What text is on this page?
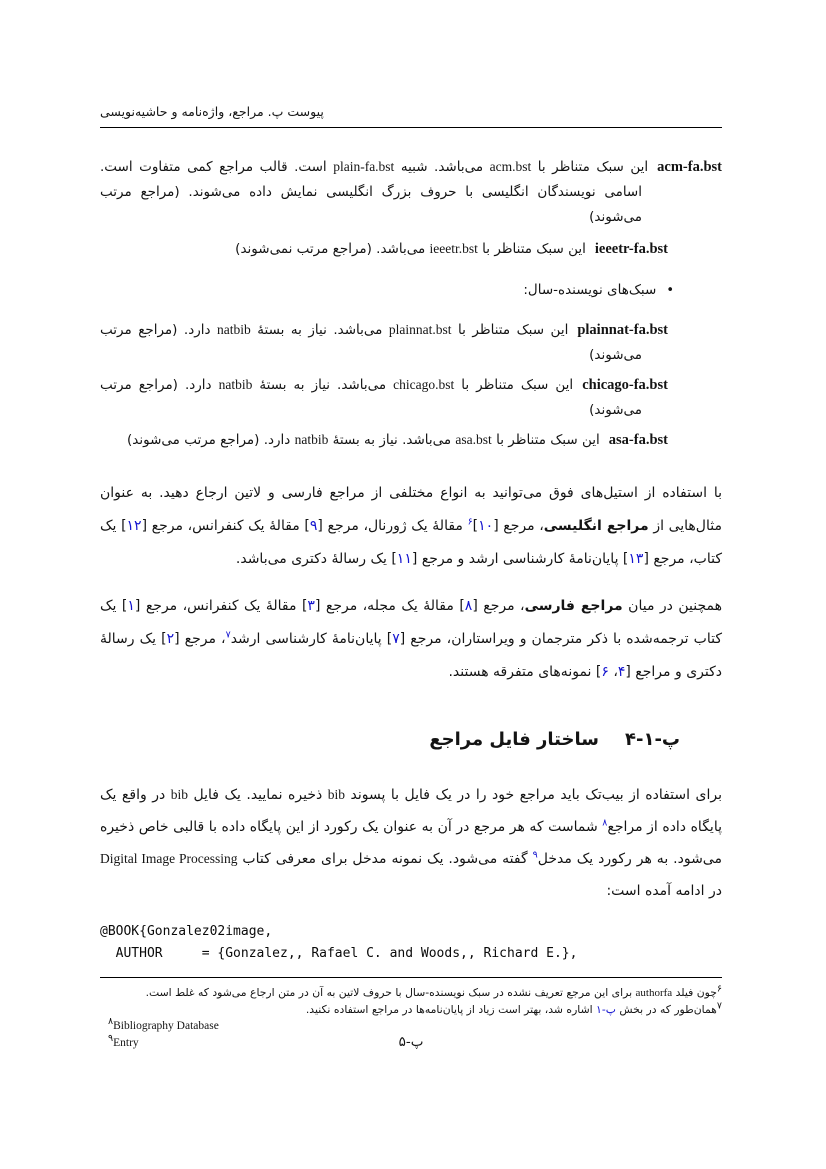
پیوست پ. مراجع، واژه‌نامه و حاشیه‌نویسی
acm-fa.bstاین سبک متناظر با acm.bst می‌باشد. شبیه plain-fa.bst است. قالب مراجع کمی متفاوت است. اسامی نویسندگان انگلیسی با حروف بزرگ انگلیسی نمایش داده می‌شوند. (مراجع مرتب می‌شوند)
ieeetr-fa.bstاین سبک متناظر با ieeetr.bst می‌باشد. (مراجع مرتب نمی‌شوند)
•سبک‌های نویسنده-سال:
plainnat-fa.bstاین سبک متناظر با plainnat.bst می‌باشد. نیاز به بستهٔ natbib دارد. (مراجع مرتب می‌شوند)
chicago-fa.bstاین سبک متناظر با chicago.bst می‌باشد. نیاز به بستهٔ natbib دارد. (مراجع مرتب می‌شوند)
asa-fa.bstاین سبک متناظر با asa.bst می‌باشد. نیاز به بستهٔ natbib دارد. (مراجع مرتب می‌شوند)

با استفاده از استیل‌های فوق می‌توانید به انواع مختلفی از مراجع فارسی و لاتین ارجاع دهید. به عنوان مثال‌هایی از مراجع انگلیسی، مرجع [۱۰]$^۶$ مقالهٔ یک ژورنال، مرجع [۹] مقالهٔ یک کنفرانس، مرجع [۱۲] یک کتاب، مرجع [۱۳] پایان‌نامهٔ کارشناسی ارشد و مرجع [۱۱] یک رسالهٔ دکتری می‌باشد.

همچنین در میان مراجع فارسی، مرجع [۸] مقالهٔ یک مجله، مرجع [۳] مقالهٔ یک کنفرانس، مرجع [۱] یک کتاب ترجمه‌شده با ذکر مترجمان و ویراستاران، مرجع [۷] پایان‌نامهٔ کارشناسی ارشد$^۷$، مرجع [۲] یک رسالهٔ دکتری و مراجع [۴، ۶] نمونه‌های متفرقه هستند.

پ-۱-۴
ساختار فایل مراجع

برای استفاده از بیب‌تک باید مراجع خود را در یک فایل با پسوند bib ذخیره نمایید. یک فایل bib در واقع یک پایگاه داده از مراجع$^۸$ شماست که هر مرجع در آن به عنوان یک رکورد از این پایگاه داده با قالبی خاص ذخیره می‌شود. به هر رکورد یک مدخل$^۹$ گفته می‌شود. یک نمونه مدخل برای معرفی کتاب Digital Image Processing در ادامه آمده است:

@BOOK{Gonzalez02image,
AUTHOR     = {Gonzalez,, Rafael C. and Woods,, Richard E.},
$^۶$چون فیلد authorfa برای این مرجع تعریف نشده در سبک نویسنده-سال با حروف لاتین به آن در متن ارجاع می‌شود که غلط است.
$^۷$همان‌طور که در بخش پ-۱ اشاره شد، بهتر است زیاد از پایان‌نامه‌ها در مراجع استفاده نکنید.
$^۸$Bibliography Database
$^۹$Entry	پ-۵
